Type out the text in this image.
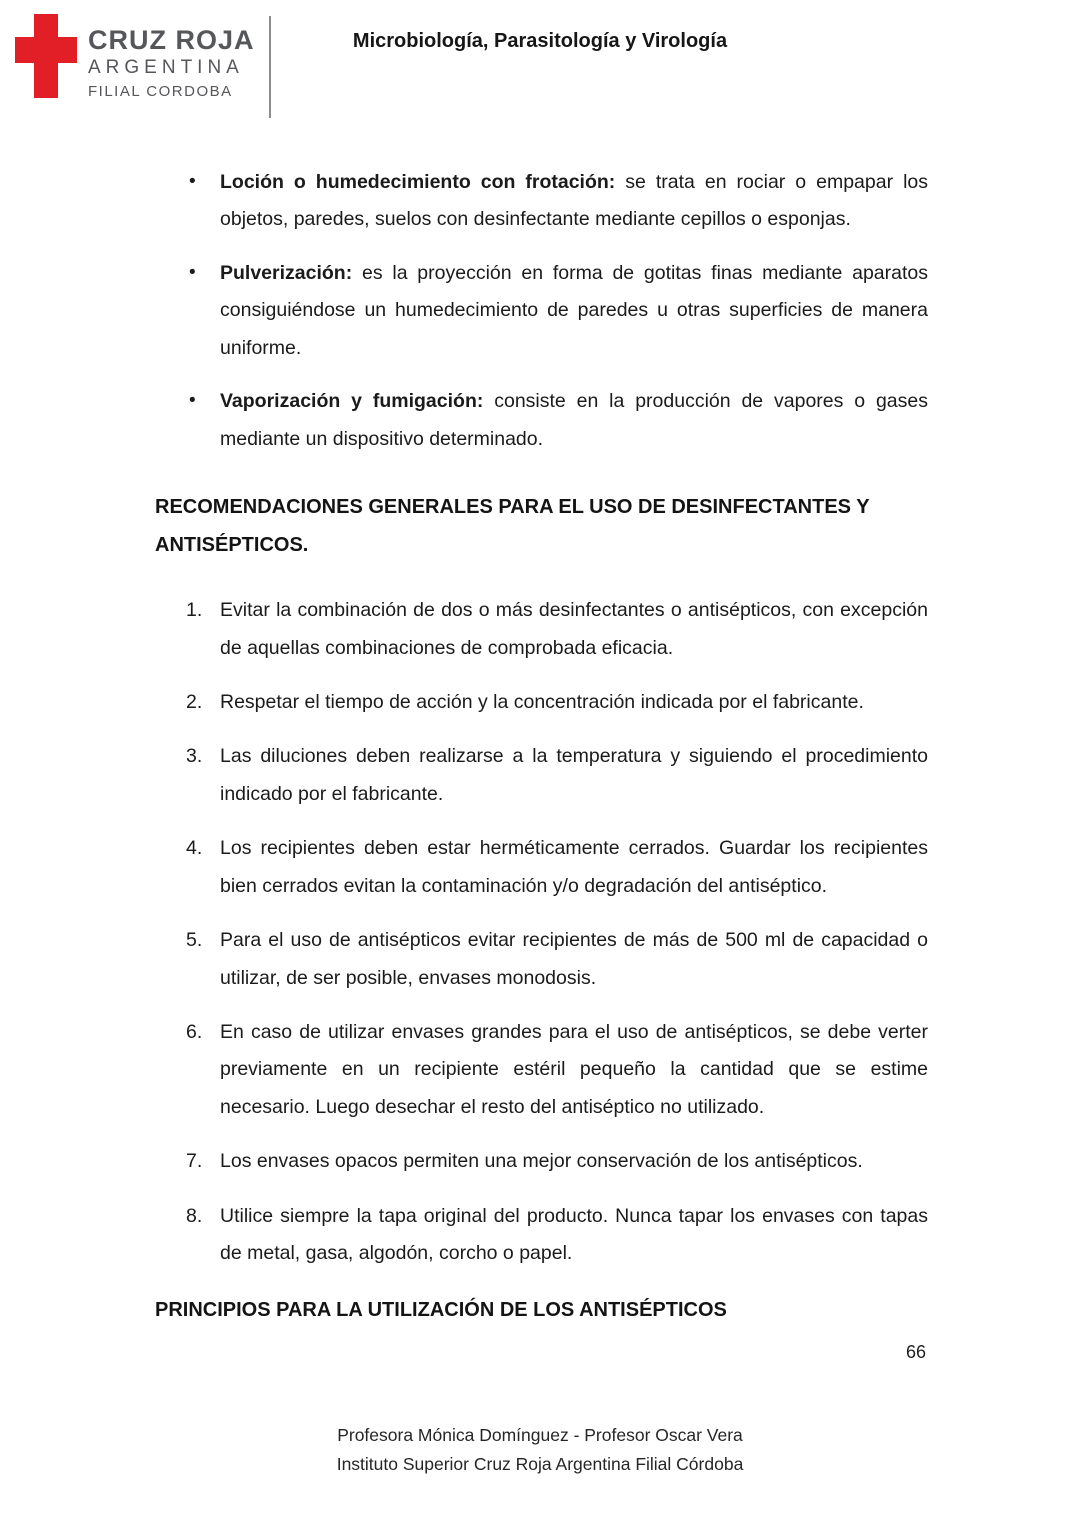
CRUZ ROJA
ARGENTINA
FILIAL CORDOBA
Microbiología, Parasitología y Virología
•	Loción o humedecimiento con frotación: se trata en rociar o empapar los objetos, paredes, suelos con desinfectante mediante cepillos o esponjas.
•	Pulverización: es la proyección en forma de gotitas finas mediante aparatos consiguiéndose un humedecimiento de paredes u otras superficies de manera uniforme.
•	Vaporización y fumigación: consiste en la producción de vapores o gases mediante un dispositivo determinado.
RECOMENDACIONES GENERALES PARA EL USO DE DESINFECTANTES Y ANTISÉPTICOS.
1. Evitar la combinación de dos o más desinfectantes o antisépticos, con excepción de aquellas combinaciones de comprobada eficacia.
2. Respetar el tiempo de acción y la concentración indicada por el fabricante.
3. Las diluciones deben realizarse a la temperatura y siguiendo el procedimiento indicado por el fabricante.
4. Los recipientes deben estar herméticamente cerrados. Guardar los recipientes bien cerrados evitan la contaminación y/o degradación del antiséptico.
5. Para el uso de antisépticos evitar recipientes de más de 500 ml de capacidad o utilizar, de ser posible, envases monodosis.
6. En caso de utilizar envases grandes para el uso de antisépticos, se debe verter previamente en un recipiente estéril pequeño la cantidad que se estime necesario. Luego desechar el resto del antiséptico no utilizado.
7. Los envases opacos permiten una mejor conservación de los antisépticos.
8. Utilice siempre la tapa original del producto. Nunca tapar los envases con tapas de metal, gasa, algodón, corcho o papel.
PRINCIPIOS PARA LA UTILIZACIÓN DE LOS ANTISÉPTICOS
66
Profesora Mónica Domínguez - Profesor Oscar Vera
Instituto Superior Cruz Roja Argentina Filial Córdoba
